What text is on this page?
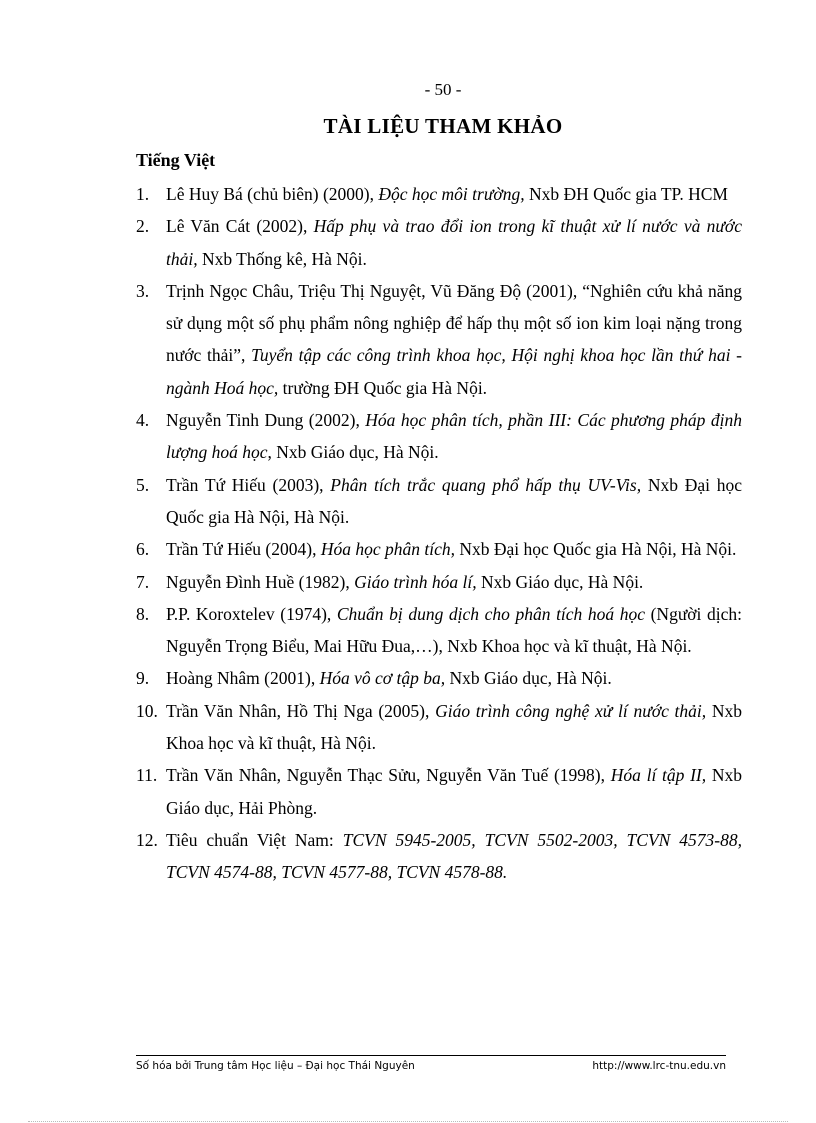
- 50 -
TÀI LIỆU THAM KHẢO
Tiếng Việt
1. Lê Huy Bá (chủ biên) (2000), Độc học môi trường, Nxb ĐH Quốc gia TP. HCM
2. Lê Văn Cát (2002), Hấp phụ và trao đổi ion trong kĩ thuật xử lí nước và nước thải, Nxb Thống kê, Hà Nội.
3. Trịnh Ngọc Châu, Triệu Thị Nguyệt, Vũ Đăng Độ (2001), “Nghiên cứu khả năng sử dụng một số phụ phẩm nông nghiệp để hấp thụ một số ion kim loại nặng trong nước thải”, Tuyển tập các công trình khoa học, Hội nghị khoa học lần thứ hai - ngành Hoá học, trường ĐH Quốc gia Hà Nội.
4. Nguyễn Tinh Dung (2002), Hóa học phân tích, phần III: Các phương pháp định lượng hoá học, Nxb Giáo dục, Hà Nội.
5. Trần Tứ Hiếu (2003), Phân tích trắc quang phổ hấp thụ UV-Vis, Nxb Đại học Quốc gia Hà Nội, Hà Nội.
6. Trần Tứ Hiếu (2004), Hóa học phân tích, Nxb Đại học Quốc gia Hà Nội, Hà Nội.
7. Nguyễn Đình Huề (1982), Giáo trình hóa lí, Nxb Giáo dục, Hà Nội.
8. P.P. Koroxtelev (1974), Chuẩn bị dung dịch cho phân tích hoá học (Người dịch: Nguyễn Trọng Biểu, Mai Hữu Đua,…), Nxb Khoa học và kĩ thuật, Hà Nội.
9. Hoàng Nhâm (2001), Hóa vô cơ tập ba, Nxb Giáo dục, Hà Nội.
10. Trần Văn Nhân, Hồ Thị Nga (2005), Giáo trình công nghệ xử lí nước thải, Nxb Khoa học và kĩ thuật, Hà Nội.
11. Trần Văn Nhân, Nguyễn Thạc Sửu, Nguyễn Văn Tuế (1998), Hóa lí tập II, Nxb Giáo dục, Hải Phòng.
12. Tiêu chuẩn Việt Nam: TCVN 5945-2005, TCVN 5502-2003, TCVN 4573-88, TCVN 4574-88, TCVN 4577-88, TCVN 4578-88.
Số hóa bởi Trung tâm Học liệu – Đại học Thái Nguyên	http://www.lrc-tnu.edu.vn
